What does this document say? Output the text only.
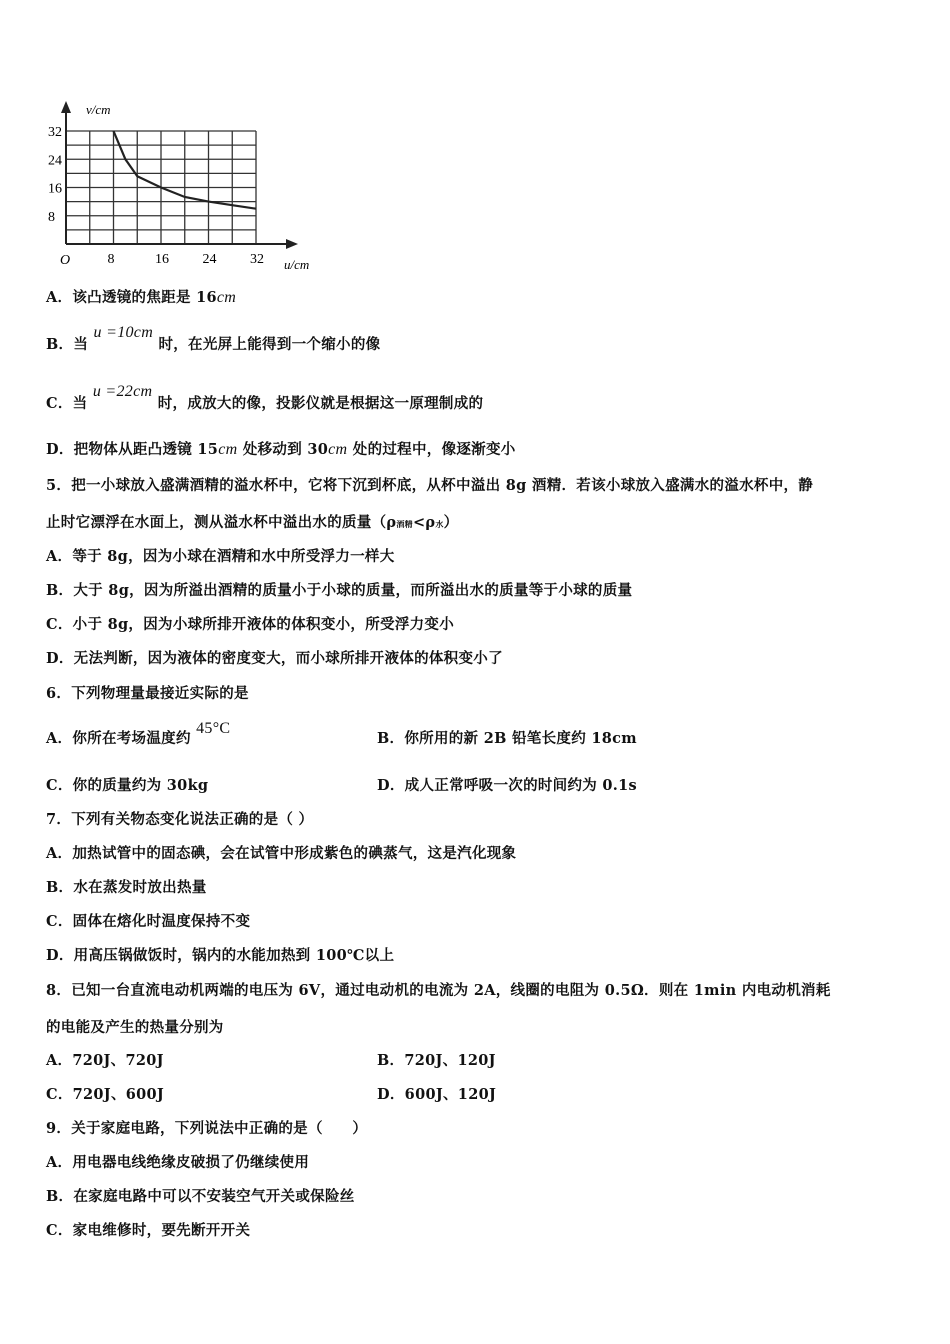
v/cm
u/cm
O
32
24
16
8
8	16 24 32
A．该凸透镜的焦距是 16cm
B．当 u =10cm 时，在光屏上能得到一个缩小的像
C．当 u =22cm 时，成放大的像，投影仪就是根据这一原理制成的
D．把物体从距凸透镜 15cm 处移动到 30cm 处的过程中，像逐渐变小
5．把一小球放入盛满酒精的溢水杯中，它将下沉到杯底，从杯中溢出 8g 酒精．若该小球放入盛满水的溢水杯中，静
止时它漂浮在水面上，测从溢水杯中溢出水的质量（ρ酒精<ρ水）
A．等于 8g，因为小球在酒精和水中所受浮力一样大
B．大于 8g，因为所溢出酒精的质量小于小球的质量，而所溢出水的质量等于小球的质量
C．小于 8g，因为小球所排开液体的体积变小，所受浮力变小
D．无法判断，因为液体的密度变大，而小球所排开液体的体积变小了
6．下列物理量最接近实际的是
A．你所在考场温度约 45°C
B．你所用的新 2B 铅笔长度约 18cm
C．你的质量约为 30kg	D．成人正常呼吸一次的时间约为 0.1s
7．下列有关物态变化说法正确的是（ ）
A．加热试管中的固态碘，会在试管中形成紫色的碘蒸气，这是汽化现象
B．水在蒸发时放出热量
C．固体在熔化时温度保持不变
D．用高压锅做饭时，锅内的水能加热到 100℃以上
8．已知一台直流电动机两端的电压为 6V，通过电动机的电流为 2A，线圈的电阻为 0.5Ω．则在 1min 内电动机消耗
的电能及产生的热量分别为
A．720J、720J	B．720J、120J
C．720J、600J	D．600J、120J
9．关于家庭电路，下列说法中正确的是（　　）
A．用电器电线绝缘皮破损了仍继续使用
B．在家庭电路中可以不安装空气开关或保险丝
C．家电维修时，要先断开开关
